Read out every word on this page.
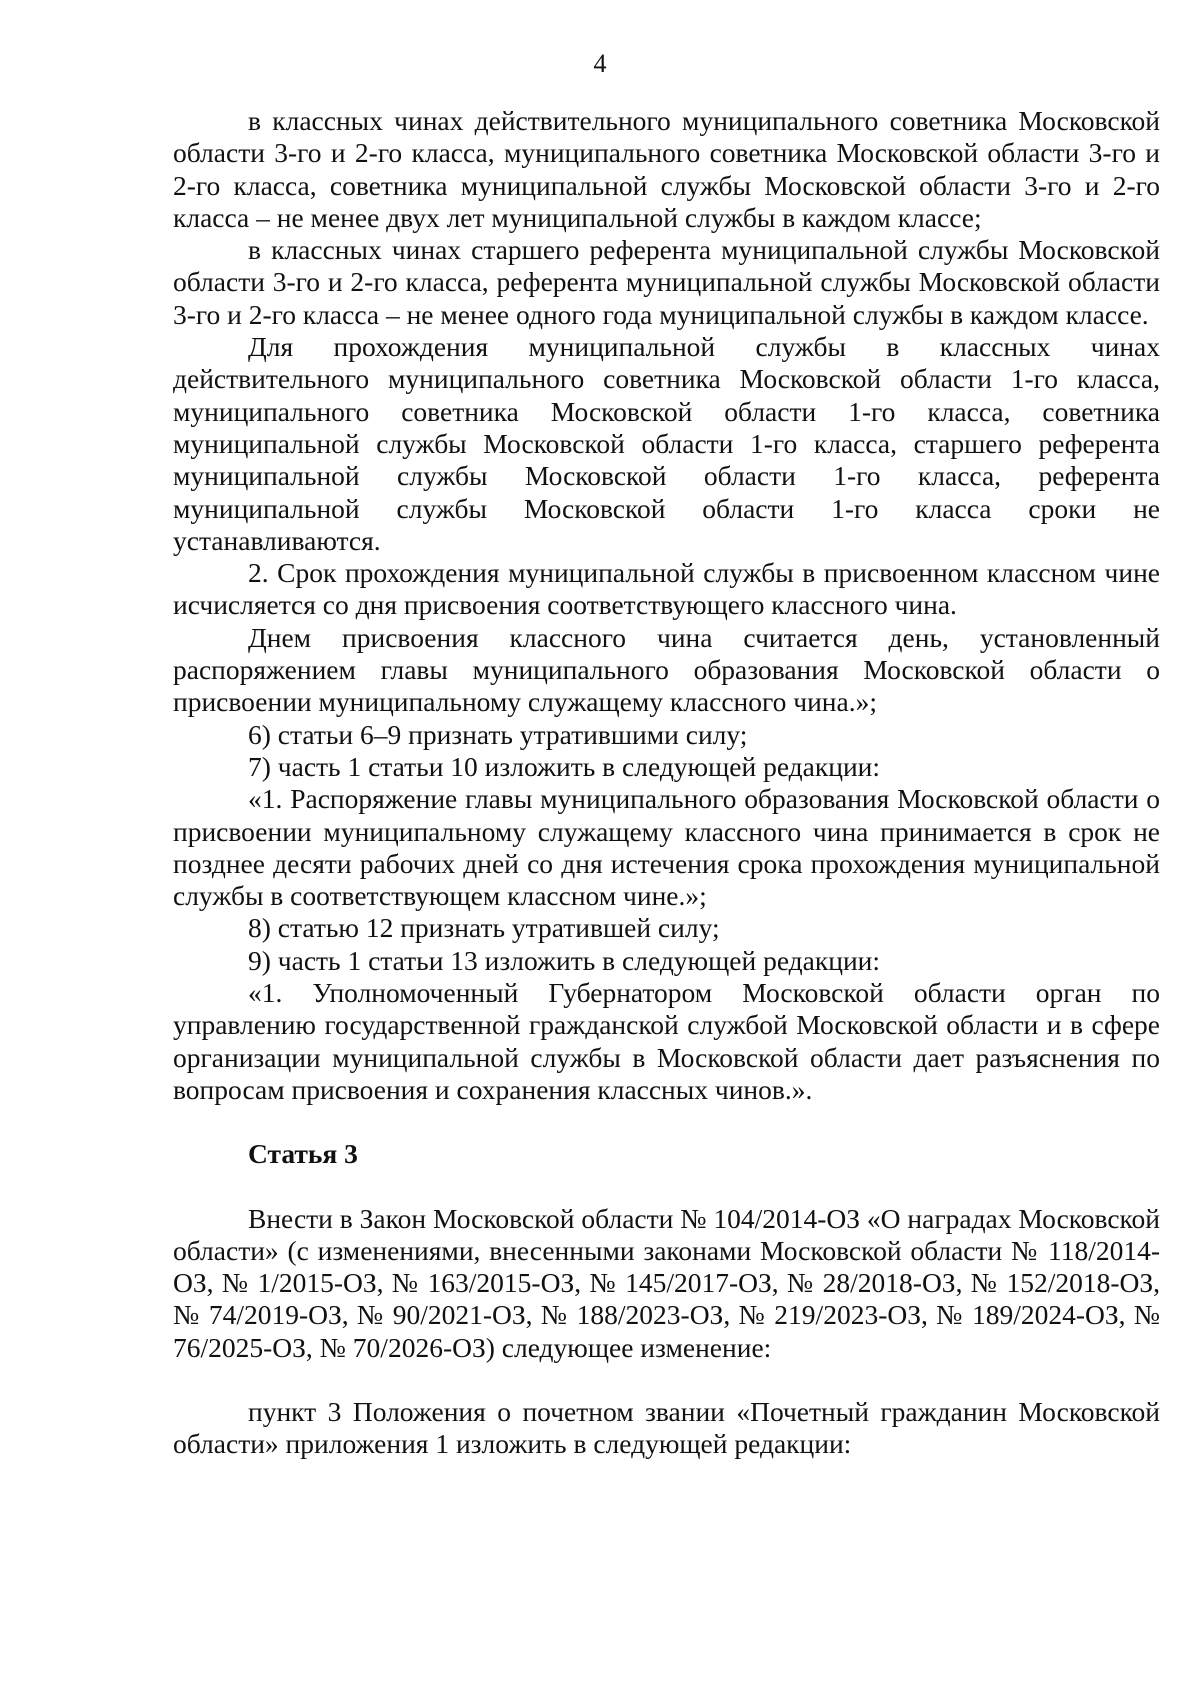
4

в классных чинах действительного муниципального советника Московской области 3-го и 2-го класса, муниципального советника Московской области 3-го и 2-го класса, советника муниципальной службы Московской области 3-го и 2-го класса – не менее двух лет муниципальной службы в каждом классе;

в классных чинах старшего референта муниципальной службы Московской области 3-го и 2-го класса, референта муниципальной службы Московской области 3-го и 2-го класса – не менее одного года муниципальной службы в каждом классе.

Для прохождения муниципальной службы в классных чинах действительного муниципального советника Московской области 1-го класса, муниципального советника Московской области 1-го класса, советника муниципальной службы Московской области 1-го класса, старшего референта муниципальной службы Московской области 1-го класса, референта муниципальной службы Московской области 1-го класса сроки не устанавливаются.

2. Срок прохождения муниципальной службы в присвоенном классном чине исчисляется со дня присвоения соответствующего классного чина.

Днем присвоения классного чина считается день, установленный распоряжением главы муниципального образования Московской области о присвоении муниципальному служащему классного чина.»;

6) статьи 6–9 признать утратившими силу;

7) часть 1 статьи 10 изложить в следующей редакции:

«1. Распоряжение главы муниципального образования Московской области о присвоении муниципальному служащему классного чина принимается в срок не позднее десяти рабочих дней со дня истечения срока прохождения муниципальной службы в соответствующем классном чине.»;

8) статью 12 признать утратившей силу;

9) часть 1 статьи 13 изложить в следующей редакции:

«1. Уполномоченный Губернатором Московской области орган по управлению государственной гражданской службой Московской области и в сфере организации муниципальной службы в Московской области дает разъяснения по вопросам присвоения и сохранения классных чинов.».

Статья 3

Внести в Закон Московской области № 104/2014-ОЗ «О наградах Московской области» (с изменениями, внесенными законами Московской области № 118/2014-ОЗ, № 1/2015-ОЗ, № 163/2015-ОЗ, № 145/2017-ОЗ, № 28/2018-ОЗ, № 152/2018-ОЗ, № 74/2019-ОЗ, № 90/2021-ОЗ, № 188/2023-ОЗ, № 219/2023-ОЗ, № 189/2024-ОЗ, № 76/2025-ОЗ, № 70/2026-ОЗ) следующее изменение:

пункт 3 Положения о почетном звании «Почетный гражданин Московской области» приложения 1 изложить в следующей редакции:
